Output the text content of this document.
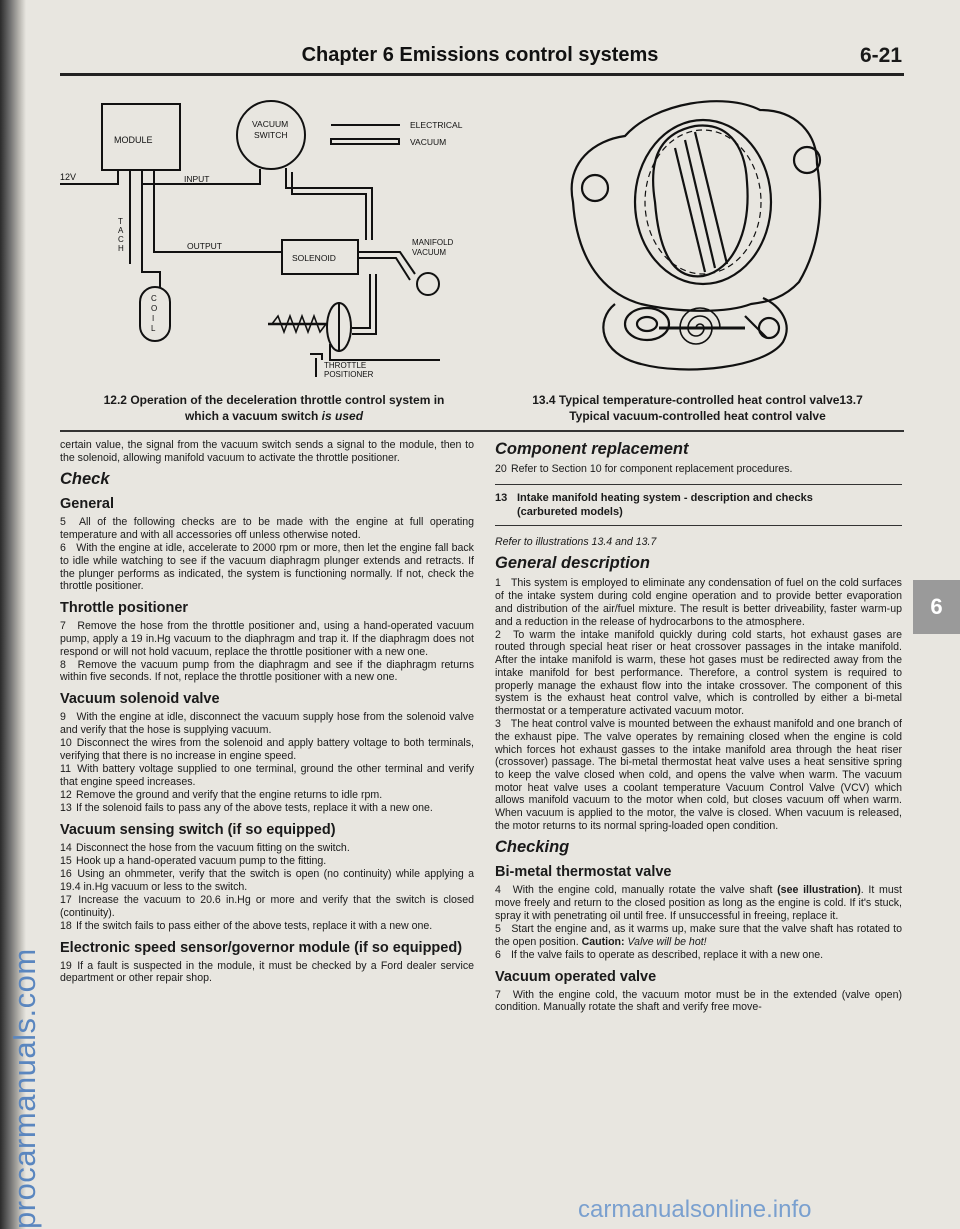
procarmanuals.com	carmanualsonline.info
Chapter 6 Emissions control systems	6-21
6
MODULE
VACUUM
SWITCH
ELECTRICAL
VACUUM
12V	INPUT
T
A
C
H	OUTPUT
SOLENOID
MANIFOLD
VACUUM
C
O
I
L
THROTTLE
POSITIONER
12.2 Operation of the deceleration throttle control system in
which a vacuum switch is used
13.4 Typical temperature-controlled heat control valve13.7
Typical vacuum-controlled heat control valve

certain value, the signal from the vacuum switch sends a signal to the module, then to the solenoid, allowing manifold vacuum to activate the throttle positioner.

Check
General

5 All of the following checks are to be made with the engine at full operating temperature and with all accessories off unless otherwise noted.

6 With the engine at idle, accelerate to 2000 rpm or more, then let the engine fall back to idle while watching to see if the vacuum diaphragm plunger extends and retracts. If the plunger performs as indicated, the system is functioning normally. If not, check the throttle positioner.

Throttle positioner

7 Remove the hose from the throttle positioner and, using a hand-operated vacuum pump, apply a 19 in.Hg vacuum to the diaphragm and trap it. If the diaphragm does not respond or will not hold vacuum, replace the throttle positioner with a new one.

8 Remove the vacuum pump from the diaphragm and see if the diaphragm returns within five seconds. If not, replace the throttle positioner with a new one.

Vacuum solenoid valve

9 With the engine at idle, disconnect the vacuum supply hose from the solenoid valve and verify that the hose is supplying vacuum.

10 Disconnect the wires from the solenoid and apply battery voltage to both terminals, verifying that there is no increase in engine speed.

11 With battery voltage supplied to one terminal, ground the other terminal and verify that engine speed increases.

12 Remove the ground and verify that the engine returns to idle rpm.

13 If the solenoid fails to pass any of the above tests, replace it with a new one.

Vacuum sensing switch (if so equipped)

14 Disconnect the hose from the vacuum fitting on the switch.

15 Hook up a hand-operated vacuum pump to the fitting.

16 Using an ohmmeter, verify that the switch is open (no continuity) while applying a 19.4 in.Hg vacuum or less to the switch.

17 Increase the vacuum to 20.6 in.Hg or more and verify that the switch is closed (continuity).

18 If the switch fails to pass either of the above tests, replace it with a new one.

Electronic speed sensor/governor module (if so equipped)

19 If a fault is suspected in the module, it must be checked by a Ford dealer service department or other repair shop.

Component replacement

20 Refer to Section 10 for component replacement procedures.

13 Intake manifold heating system - description and checks (carbureted models)

Refer to illustrations 13.4 and 13.7

General description

1 This system is employed to eliminate any condensation of fuel on the cold surfaces of the intake system during cold engine operation and to provide better evaporation and distribution of the air/fuel mixture. The result is better driveability, faster warm-up and a reduction in the release of hydrocarbons to the atmosphere.

2 To warm the intake manifold quickly during cold starts, hot exhaust gases are routed through special heat riser or heat crossover passages in the intake manifold. After the intake manifold is warm, these hot gases must be redirected away from the intake manifold for best performance. Therefore, a control system is required to properly manage the exhaust flow into the intake crossover. The component of this system is the exhaust heat control valve, which is controlled by either a bi-metal thermostat or a temperature activated vacuum motor.

3 The heat control valve is mounted between the exhaust manifold and one branch of the exhaust pipe. The valve operates by remaining closed when the engine is cold which forces hot exhaust gasses to the intake manifold area through the heat riser (crossover) passage. The bi-metal thermostat heat valve uses a heat sensitive spring to keep the valve closed when cold, and opens the valve when warm. The vacuum motor heat valve uses a coolant temperature Vacuum Control Valve (VCV) which allows manifold vacuum to the motor when cold, but closes vacuum off when warm. When vacuum is applied to the motor, the valve is closed. When vacuum is released, the motor returns to its normal spring-loaded open condition.

Checking
Bi-metal thermostat valve

4 With the engine cold, manually rotate the valve shaft (see illustration). It must move freely and return to the closed position as long as the engine is cold. If it's stuck, spray it with penetrating oil until free. If unsuccessful in freeing, replace it.

5 Start the engine and, as it warms up, make sure that the valve shaft has rotated to the open position. Caution: Valve will be hot!

6 If the valve fails to operate as described, replace it with a new one.

Vacuum operated valve

7 With the engine cold, the vacuum motor must be in the extended (valve open) condition. Manually rotate the shaft and verify free move-
